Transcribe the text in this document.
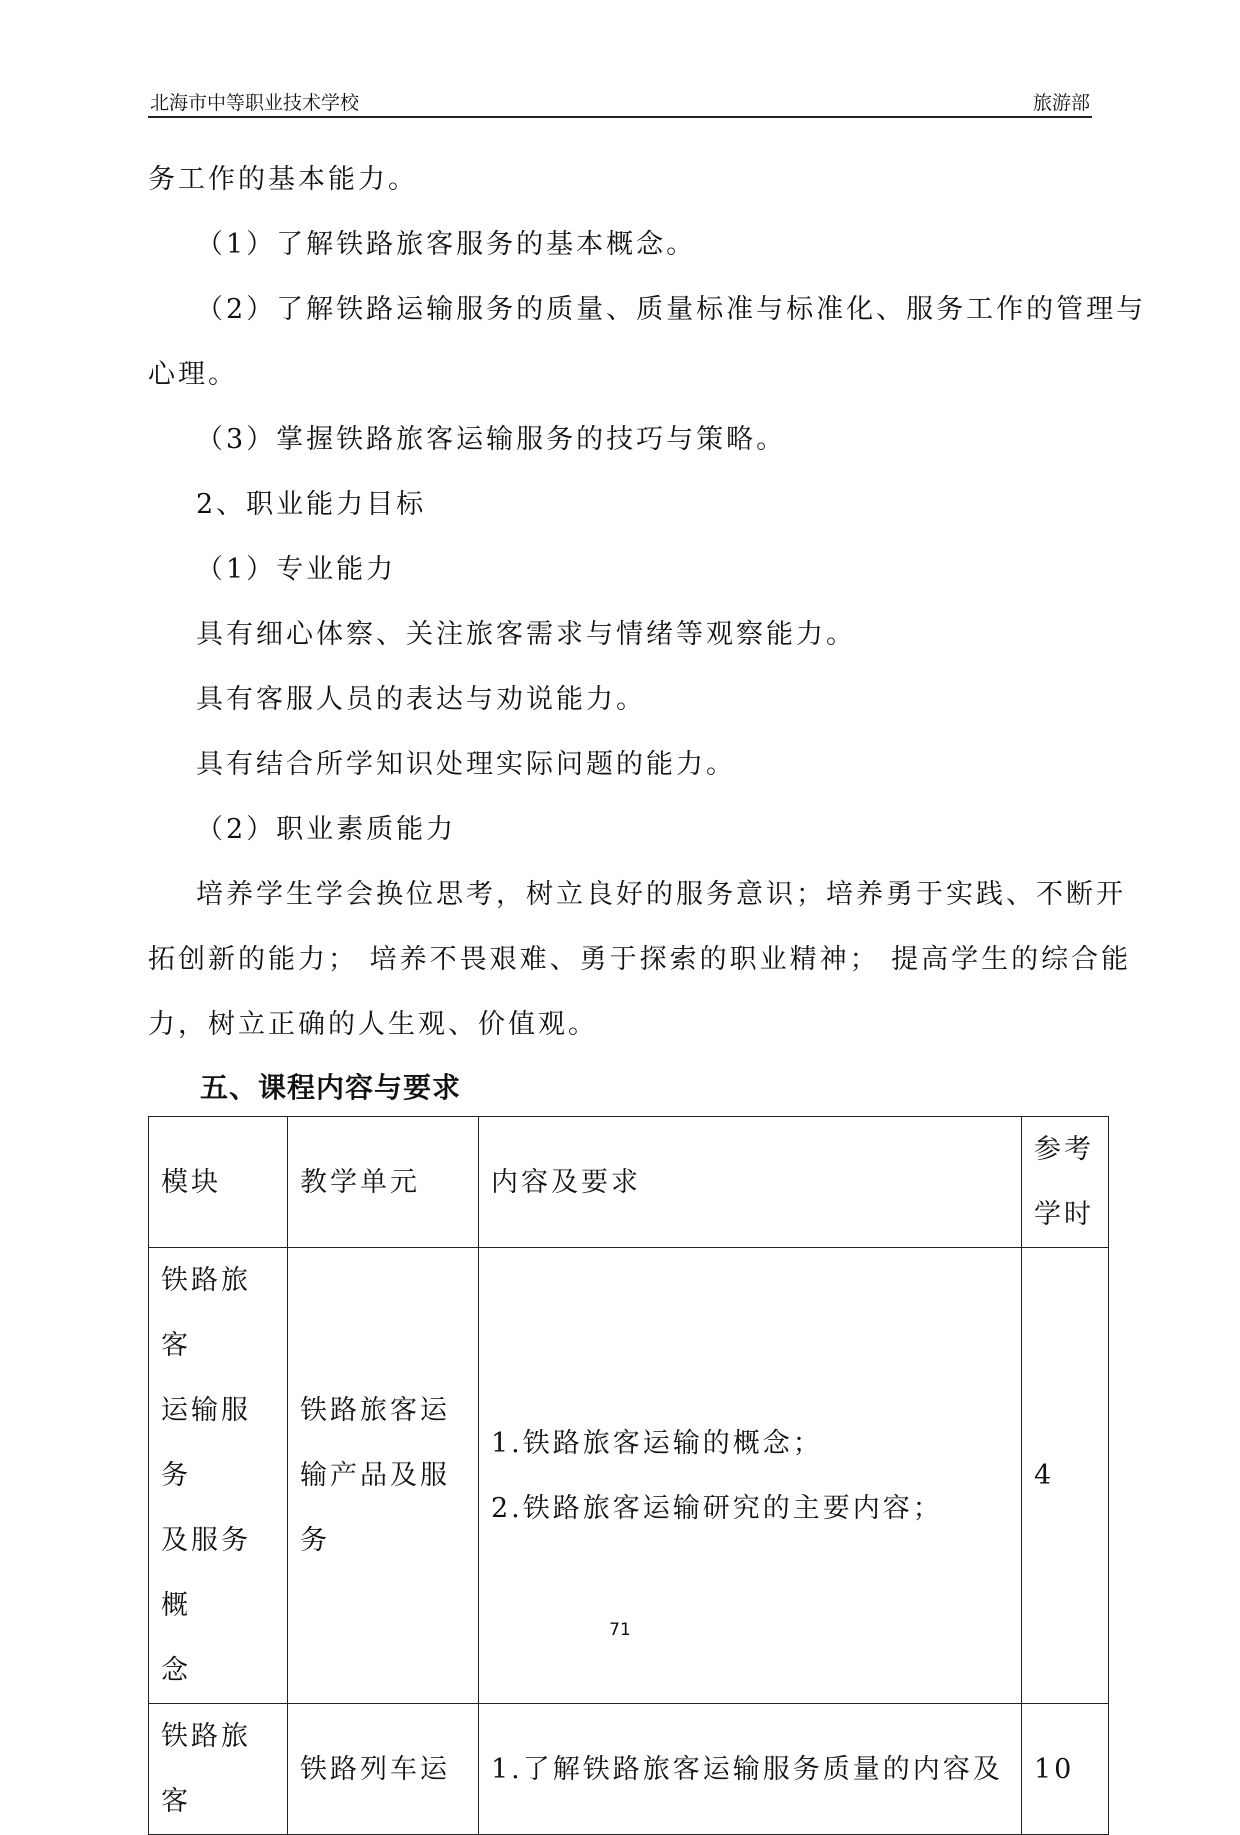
北海市中等职业技术学校	旅游部
务工作的基本能力。
（1）了解铁路旅客服务的基本概念。
（2）了解铁路运输服务的质量、质量标准与标准化、服务工作的管理与
心理。
（3）掌握铁路旅客运输服务的技巧与策略。
2、职业能力目标
（1）专业能力
具有细心体察、关注旅客需求与情绪等观察能力。
具有客服人员的表达与劝说能力。
具有结合所学知识处理实际问题的能力。
（2）职业素质能力
培养学生学会换位思考，树立良好的服务意识；培养勇于实践、不断开
拓创新的能力； 培养不畏艰难、勇于探索的职业精神； 提高学生的综合能
力，树立正确的人生观、价值观。
五、课程内容与要求
模块	教学单元	内容及要求	参考
学时

铁路旅客
运输服务
及服务概
念	铁路旅客运
输产品及服
务	1.铁路旅客运输的概念；
2.铁路旅客运输研究的主要内容；	4

铁路旅客	铁路列车运	1.了解铁路旅客运输服务质量的内容及	10
71
